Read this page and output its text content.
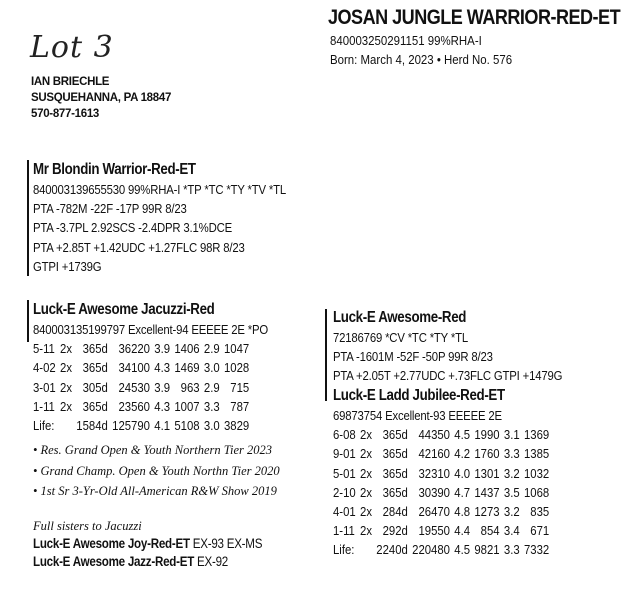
Lot 3
IAN BRIECHLE
SUSQUEHANNA, PA 18847
570-877-1613
JOSAN JUNGLE WARRIOR-RED-ET
840003250291151 99%RHA-I
Born: March 4, 2023 • Herd No. 576
Mr Blondin Warrior-Red-ET
840003139655530 99%RHA-I *TP *TC *TY *TV *TL
PTA -782M -22F -17P 99R 8/23
PTA -3.7PL 2.92SCS -2.4DPR 3.1%DCE
PTA +2.85T +1.42UDC +1.27FLC 98R 8/23
GTPI +1739G
Luck-E Awesome Jacuzzi-Red
840003135199797 Excellent-94 EEEEE 2E *PO
5-11	2x	365d	36220	3.9	1406	2.9	1047
4-02	2x	365d	34100	4.3	1469	3.0	1028
3-01	2x	305d	24530	3.9	963	2.9	715
1-11	2x	365d	23560	4.3	1007	3.3	787
Life:		1584d	125790	4.1	5108	3.0	3829
• Res. Grand Open & Youth Northern Tier 2023
• Grand Champ. Open & Youth Northn Tier 2020
• 1st Sr 3-Yr-Old All-American R&W Show 2019
Full sisters to Jacuzzi
Luck-E Awesome Joy-Red-ET EX-93 EX-MS
Luck-E Awesome Jazz-Red-ET EX-92
Luck-E Awesome-Red
72186769 *CV *TC *TY *TL
PTA -1601M -52F -50P 99R 8/23
PTA +2.05T +2.77UDC +.73FLC GTPI +1479G
Luck-E Ladd Jubilee-Red-ET
69873754 Excellent-93 EEEEE 2E
6-08	2x	365d	44350	4.5	1990	3.1	1369
9-01	2x	365d	42160	4.2	1760	3.3	1385
5-01	2x	365d	32310	4.0	1301	3.2	1032
2-10	2x	365d	30390	4.7	1437	3.5	1068
4-01	2x	284d	26470	4.8	1273	3.2	835
1-11	2x	292d	19550	4.4	854	3.4	671
Life:		2240d	220480	4.5	9821	3.3	7332
